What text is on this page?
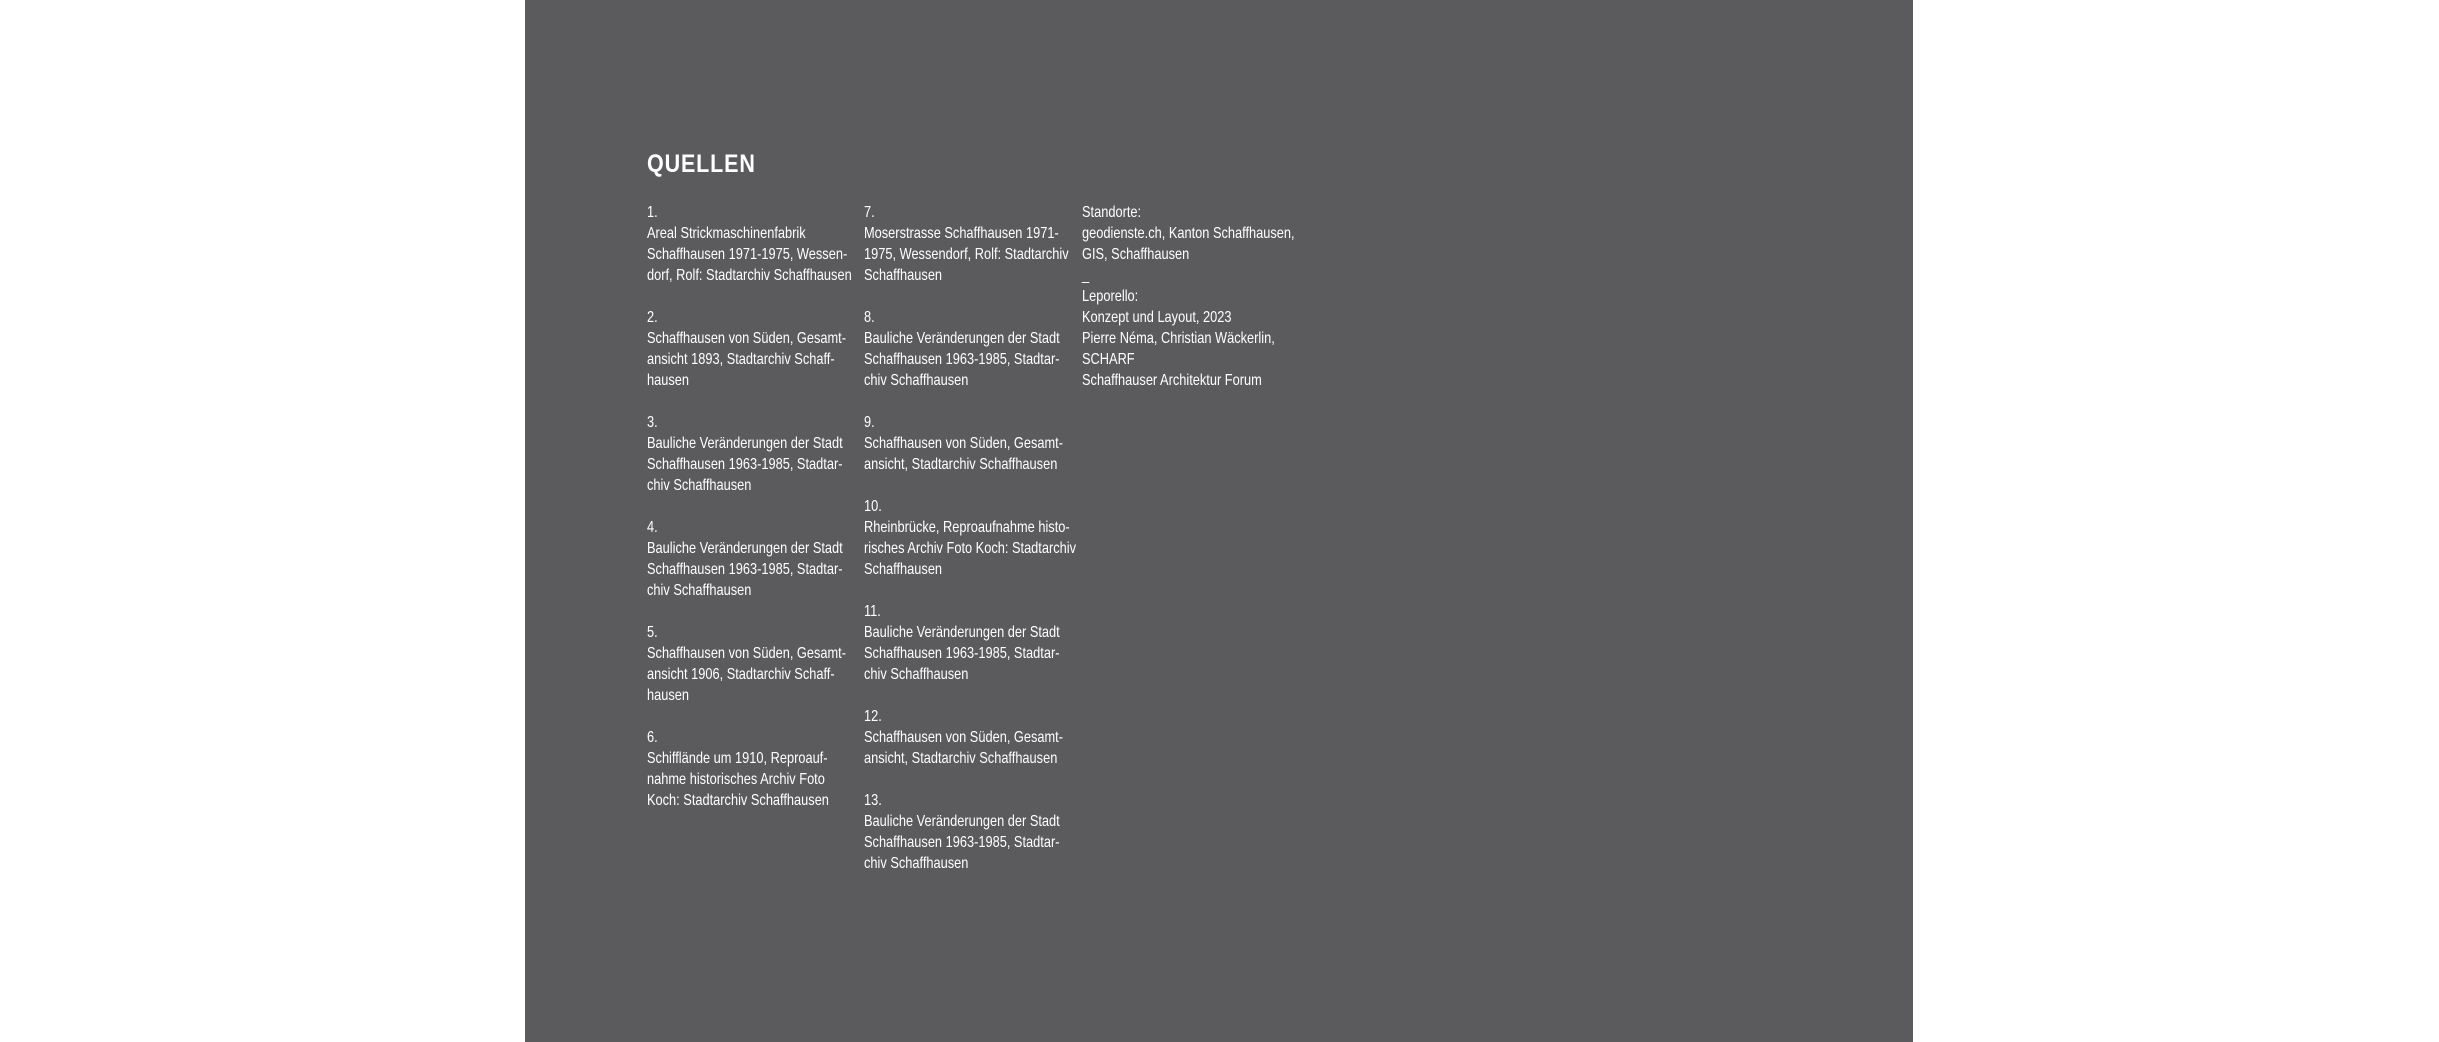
QUELLEN
1.
Areal Strickmaschinenfabrik
Schaffhausen 1971-1975, Wessen-
dorf, Rolf: Stadtarchiv Schaffhausen
2.
Schaffhausen von Süden, Gesamt-
ansicht 1893, Stadtarchiv Schaff-
hausen
3.
Bauliche Veränderungen der Stadt
Schaffhausen 1963-1985, Stadtar-
chiv Schaffhausen
4.
Bauliche Veränderungen der Stadt
Schaffhausen 1963-1985, Stadtar-
chiv Schaffhausen
5.
Schaffhausen von Süden, Gesamt-
ansicht 1906, Stadtarchiv Schaff-
hausen
6.
Schifflände um 1910, Reproauf-
nahme historisches Archiv Foto
Koch: Stadtarchiv Schaffhausen
7.
Moserstrasse Schaffhausen 1971-
1975, Wessendorf, Rolf: Stadtarchiv
Schaffhausen
8.
Bauliche Veränderungen der Stadt
Schaffhausen 1963-1985, Stadtar-
chiv Schaffhausen
9.
Schaffhausen von Süden, Gesamt-
ansicht, Stadtarchiv Schaffhausen
10.
Rheinbrücke, Reproaufnahme histo-
risches Archiv Foto Koch: Stadtarchiv
Schaffhausen
11.
Bauliche Veränderungen der Stadt
Schaffhausen 1963-1985, Stadtar-
chiv Schaffhausen
12.
Schaffhausen von Süden, Gesamt-
ansicht, Stadtarchiv Schaffhausen
13.
Bauliche Veränderungen der Stadt
Schaffhausen 1963-1985, Stadtar-
chiv Schaffhausen
Standorte:
geodienste.ch, Kanton Schaffhausen,
GIS, Schaffhausen
_
Leporello:
Konzept und Layout, 2023
Pierre Néma, Christian Wäckerlin,
SCHARF
Schaffhauser Architektur Forum
